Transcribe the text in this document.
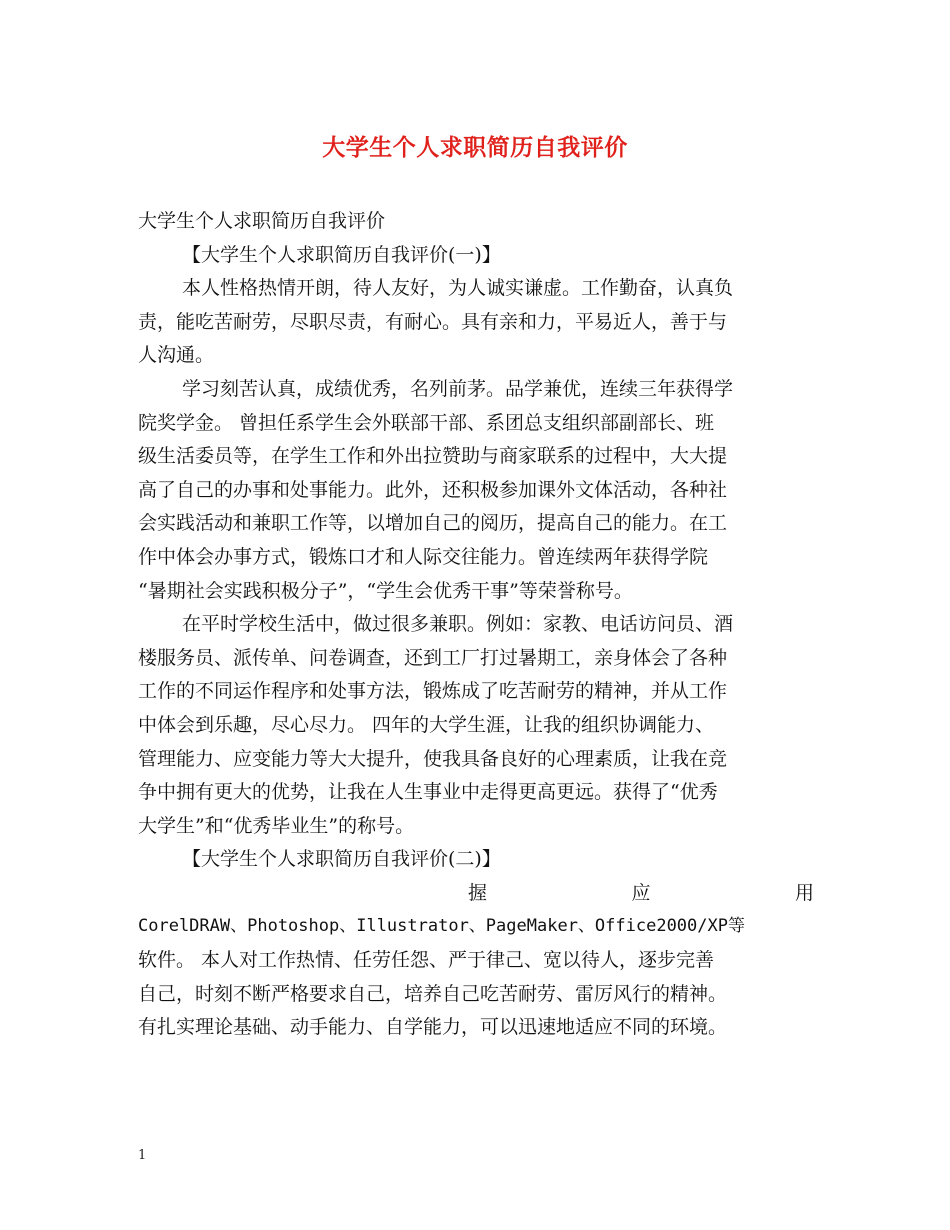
大学生个人求职简历自我评价
大学生个人求职简历自我评价
【大学生个人求职简历自我评价(一)】
本人性格热情开朗，待人友好，为人诚实谦虚。工作勤奋，认真负
责，能吃苦耐劳，尽职尽责，有耐心。具有亲和力，平易近人，善于与
人沟通。
学习刻苦认真，成绩优秀，名列前茅。品学兼优，连续三年获得学
院奖学金。 曾担任系学生会外联部干部、系团总支组织部副部长、班
级生活委员等，在学生工作和外出拉赞助与商家联系的过程中，大大提
高了自己的办事和处事能力。此外，还积极参加课外文体活动，各种社
会实践活动和兼职工作等，以增加自己的阅历，提高自己的能力。在工
作中体会办事方式，锻炼口才和人际交往能力。曾连续两年获得学院
“暑期社会实践积极分子”，“学生会优秀干事”等荣誉称号。
在平时学校生活中，做过很多兼职。例如：家教、电话访问员、酒
楼服务员、派传单、问卷调查，还到工厂打过暑期工，亲身体会了各种
工作的不同运作程序和处事方法，锻炼成了吃苦耐劳的精神，并从工作
中体会到乐趣，尽心尽力。 四年的大学生涯，让我的组织协调能力、
管理能力、应变能力等大大提升，使我具备良好的心理素质，让我在竞
争中拥有更大的优势，让我在人生事业中走得更高更远。获得了“优秀
大学生”和“优秀毕业生”的称号。
【大学生个人求职简历自我评价(二)】
握	应	用
CorelDRAW、Photoshop、Illustrator、PageMaker、Office2000/XP等
软件。 本人对工作热情、任劳任怨、严于律己、宽以待人，逐步完善
自己，时刻不断严格要求自己，培养自己吃苦耐劳、雷厉风行的精神。
有扎实理论基础、动手能力、自学能力，可以迅速地适应不同的环境。
1
